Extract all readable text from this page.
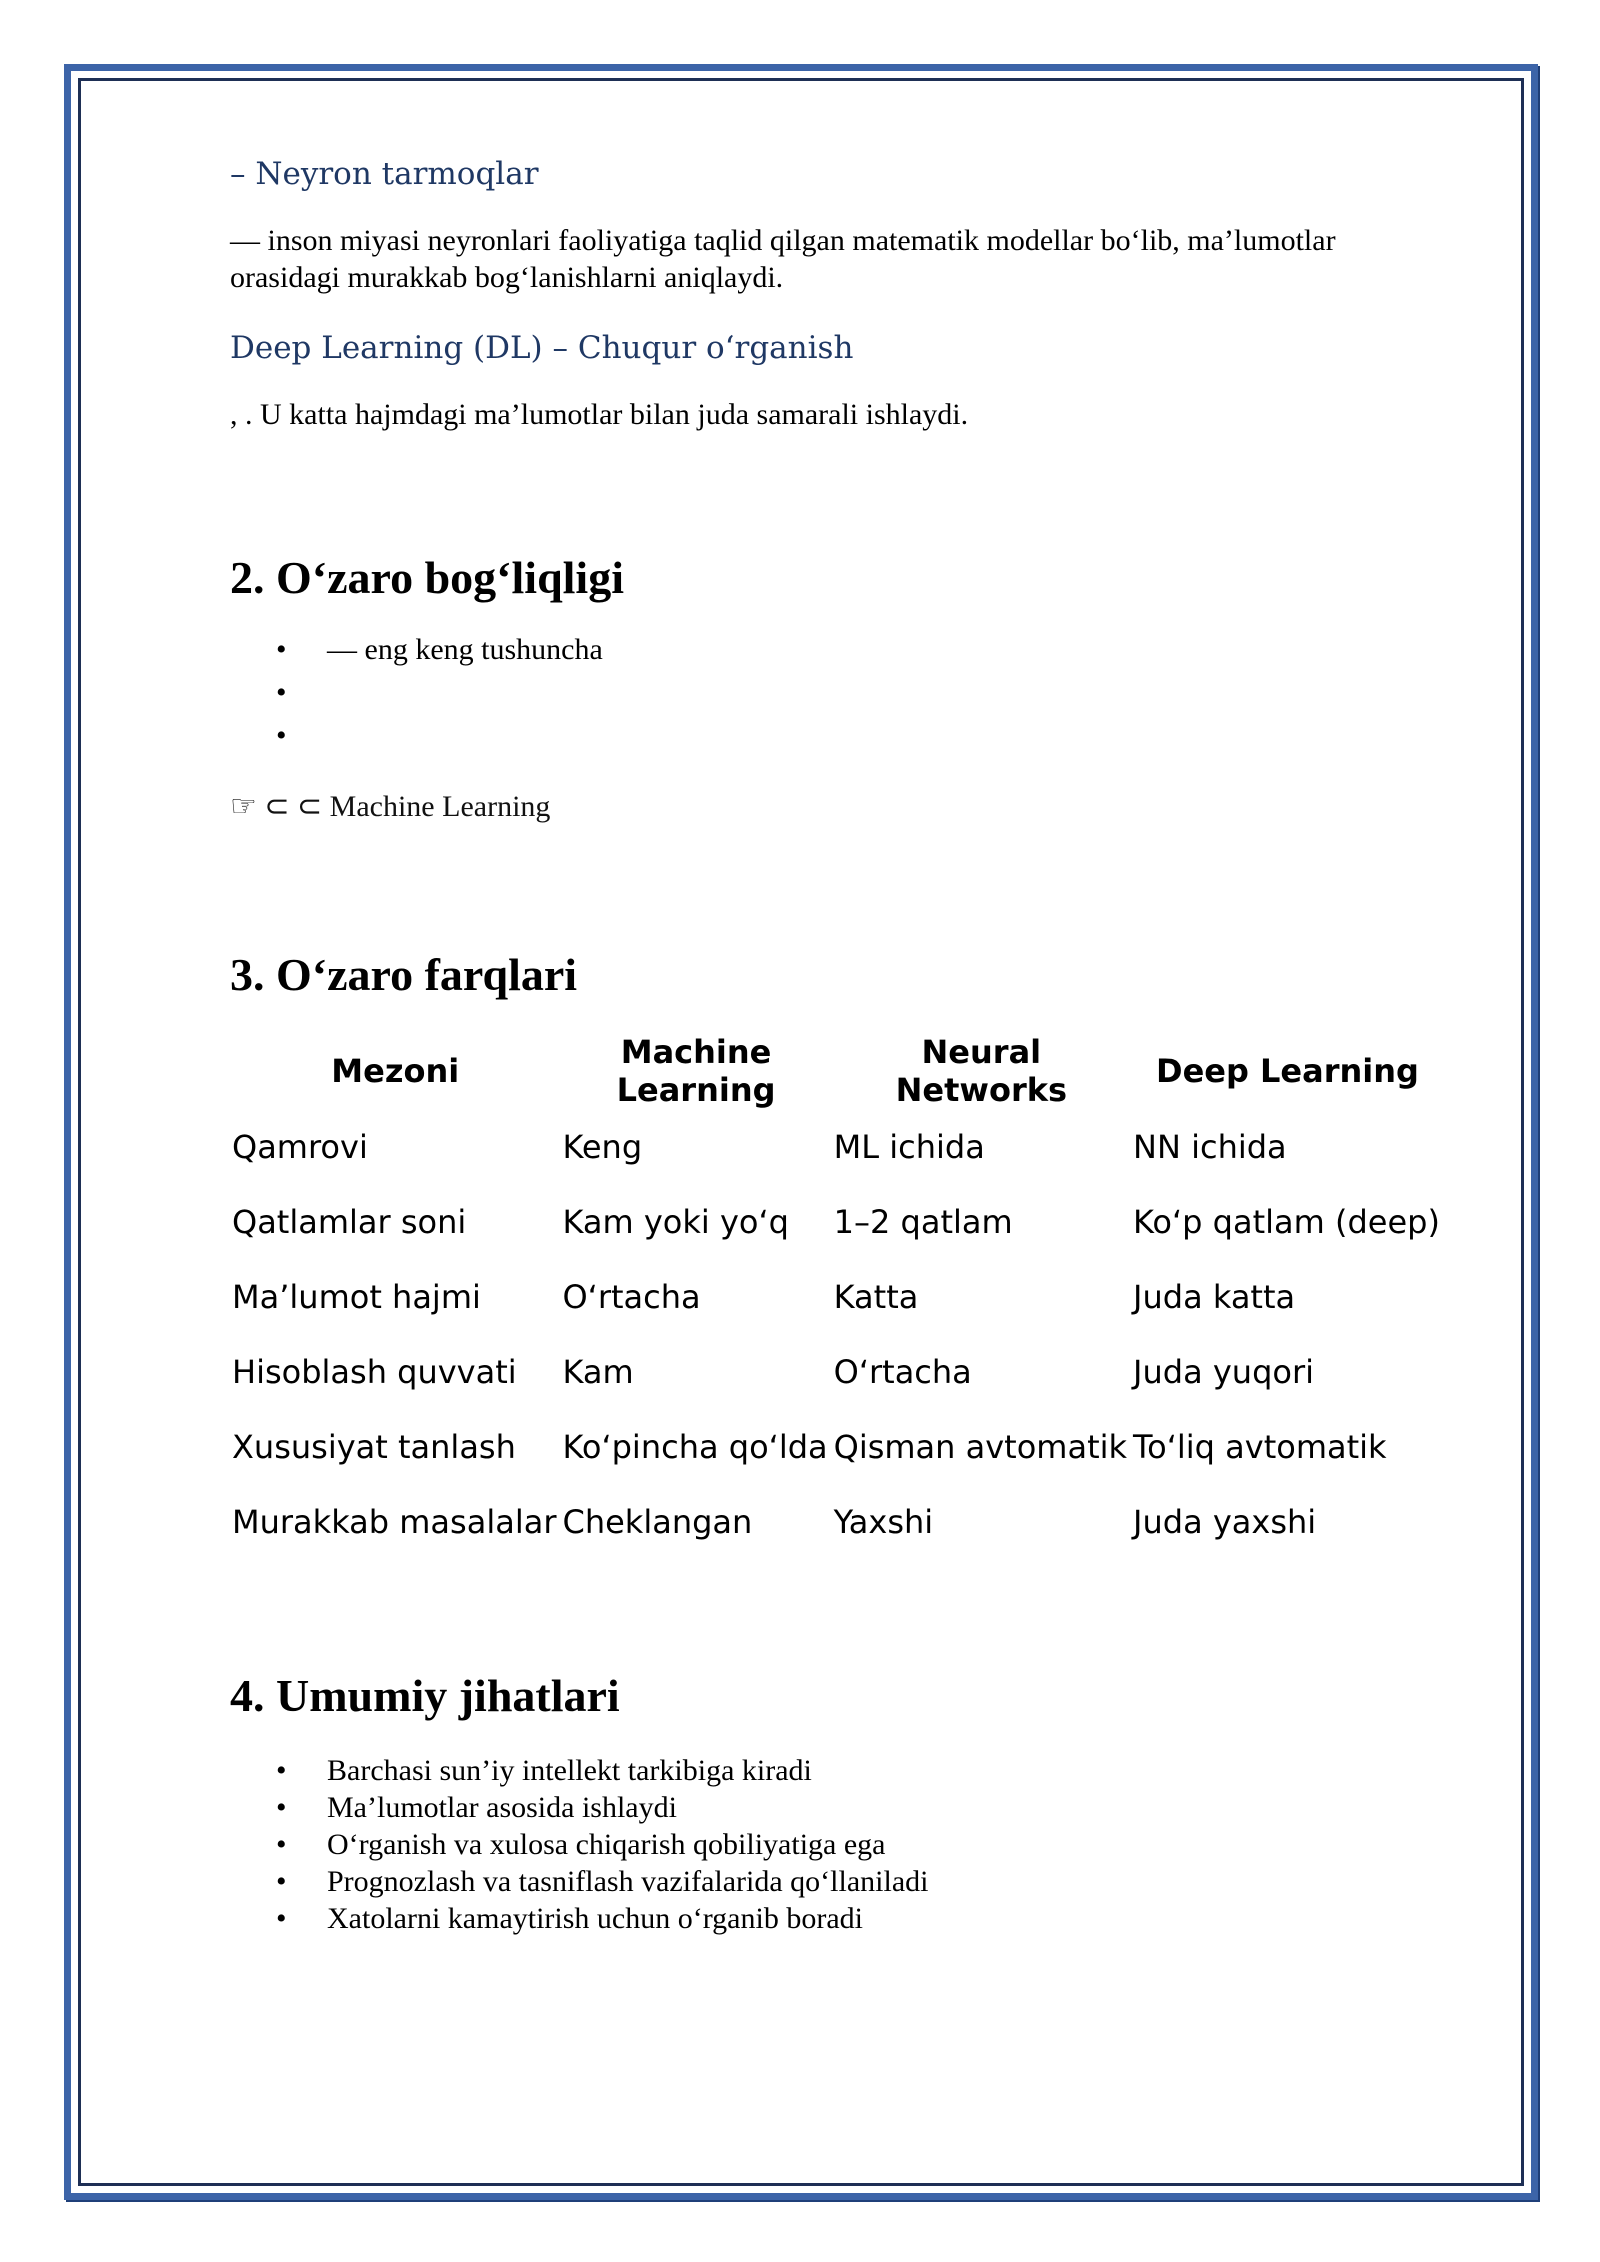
– Neyron tarmoqlar

— inson miyasi neyronlari faoliyatiga taqlid qilgan matematik modellar bo‘lib, ma’lumotlar

orasidagi murakkab bog‘lanishlarni aniqlaydi.

Deep Learning (DL) – Chuqur o‘rganish

, . U katta hajmdagi ma’lumotlar bilan juda samarali ishlaydi.

2. O‘zaro bog‘liqligi
• — eng keng tushuncha
•
•

☞ ⊂ ⊂ Machine Learning

3. O‘zaro farqlari
Mezoni	Machine Learning	Neural Networks	Deep Learning
Qamrovi	Keng	ML ichida	NN ichida
Qatlamlar soni	Kam yoki yo‘q	1–2 qatlam	Ko‘p qatlam (deep)
Ma’lumot hajmi	O‘rtacha	Katta	Juda katta
Hisoblash quvvati	Kam	O‘rtacha	Juda yuqori
Xususiyat tanlash	Ko‘pincha qo‘lda	Qisman avtomatik	To‘liq avtomatik
Murakkab masalalar	Cheklangan	Yaxshi	Juda yaxshi
4. Umumiy jihatlari
• Barchasi sun’iy intellekt tarkibiga kiradi
• Ma’lumotlar asosida ishlaydi
• O‘rganish va xulosa chiqarish qobiliyatiga ega
• Prognozlash va tasniflash vazifalarida qo‘llaniladi
• Xatolarni kamaytirish uchun o‘rganib boradi
